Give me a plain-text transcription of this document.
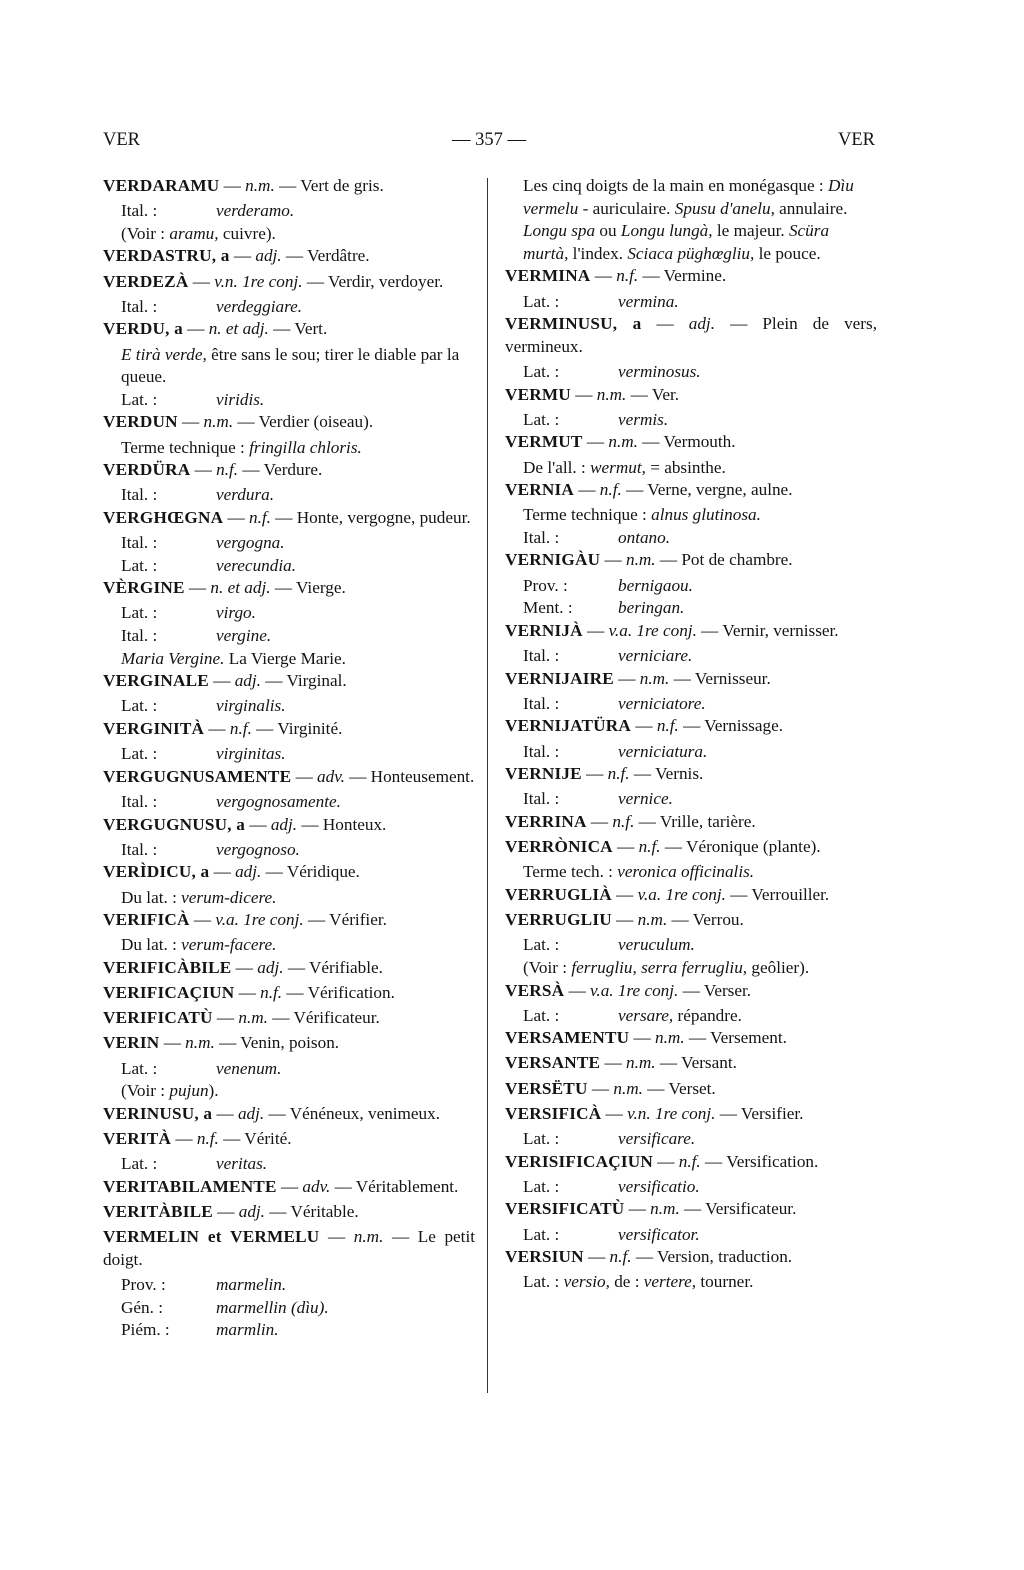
VER	— 357 —	VER
VERDARAMU — n.m. — Vert de gris.
Ital. :	verderamo.
(Voir : aramu, cuivre).
VERDASTRU, a — adj. — Verdâtre.
VERDEZÀ — v.n. 1re conj. — Verdir, verdoyer.
Ital. :	verdeggiare.
VERDU, a — n. et adj. — Vert.
E tirà verde, être sans le sou; tirer le diable par la queue.
Lat. :	viridis.
VERDUN — n.m. — Verdier (oiseau).
Terme technique : fringilla chloris.
VERDÜRA — n.f. — Verdure.
Ital. :	verdura.
VERGHŒGNA — n.f. — Honte, vergogne, pudeur.
Ital. :	vergogna.
Lat. :	verecundia.
VÈRGINE — n. et adj. — Vierge.
Lat. :	virgo.
Ital. :	vergine.
Maria Vergine. La Vierge Marie.
VERGINALE — adj. — Virginal.
Lat. :	virginalis.
VERGINITÀ — n.f. — Virginité.
Lat. :	virginitas.
VERGUGNUSAMENTE — adv. — Honteusement.
Ital. :	vergognosamente.
VERGUGNUSU, a — adj. — Honteux.
Ital. :	vergognoso.
VERÌDICU, a — adj. — Véridique.
Du lat. : verum-dicere.
VERIFICÀ — v.a. 1re conj. — Vérifier.
Du lat. : verum-facere.
VERIFICÀBILE — adj. — Vérifiable.
VERIFICAÇIUN — n.f. — Vérification.
VERIFICATÙ — n.m. — Vérificateur.
VERIN — n.m. — Venin, poison.
Lat. :	venenum.
(Voir : pujun).
VERINUSU, a — adj. — Vénéneux, venimeux.
VERITÀ — n.f. — Vérité.
Lat. :	veritas.
VERITABILAMENTE — adv. — Véritablement.
VERITÀBILE — adj. — Véritable.
VERMELIN et VERMELU — n.m. — Le petit doigt.
Prov. :	marmelin.
Gén. :	marmellin (dìu).
Piém. :	marmlin.
Les cinq doigts de la main en monégasque : Dìu vermelu - auriculaire. Spusu d'anelu, annulaire. Longu spa ou Longu lungà, le majeur. Scüra murtà, l'index. Sciaca püghœgliu, le pouce.
VERMINA — n.f. — Vermine.
Lat. :	vermina.
VERMINUSU, a — adj. — Plein de vers, vermineux.
Lat. :	verminosus.
VERMU — n.m. — Ver.
Lat. :	vermis.
VERMUT — n.m. — Vermouth.
De l'all. : wermut, = absinthe.
VERNIA — n.f. — Verne, vergne, aulne.
Terme technique : alnus glutinosa.
Ital. :	ontano.
VERNIGÀU — n.m. — Pot de chambre.
Prov. :	bernigaou.
Ment. :	beringan.
VERNIJÀ — v.a. 1re conj. — Vernir, vernisser.
Ital. :	verniciare.
VERNIJAIRE — n.m. — Vernisseur.
Ital. :	verniciatore.
VERNIJATÜRA — n.f. — Vernissage.
Ital. :	verniciatura.
VERNIJE — n.f. — Vernis.
Ital. :	vernice.
VERRINA — n.f. — Vrille, tarière.
VERRÒNICA — n.f. — Véronique (plante).
Terme tech. : veronica officinalis.
VERRUGLIÀ — v.a. 1re conj. — Verrouiller.
VERRUGLIU — n.m. — Verrou.
Lat. :	veruculum.
(Voir : ferrugliu, serra ferrugliu, geôlier).
VERSÀ — v.a. 1re conj. — Verser.
Lat. :	versare, répandre.
VERSAMENTU — n.m. — Versement.
VERSANTE — n.m. — Versant.
VERSËTU — n.m. — Verset.
VERSIFICÀ — v.n. 1re conj. — Versifier.
Lat. :	versificare.
VERISIFICAÇIUN — n.f. — Versification.
Lat. :	versificatio.
VERSIFICATÙ — n.m. — Versificateur.
Lat. :	versificator.
VERSIUN — n.f. — Version, traduction.
Lat. : versio, de : vertere, tourner.
